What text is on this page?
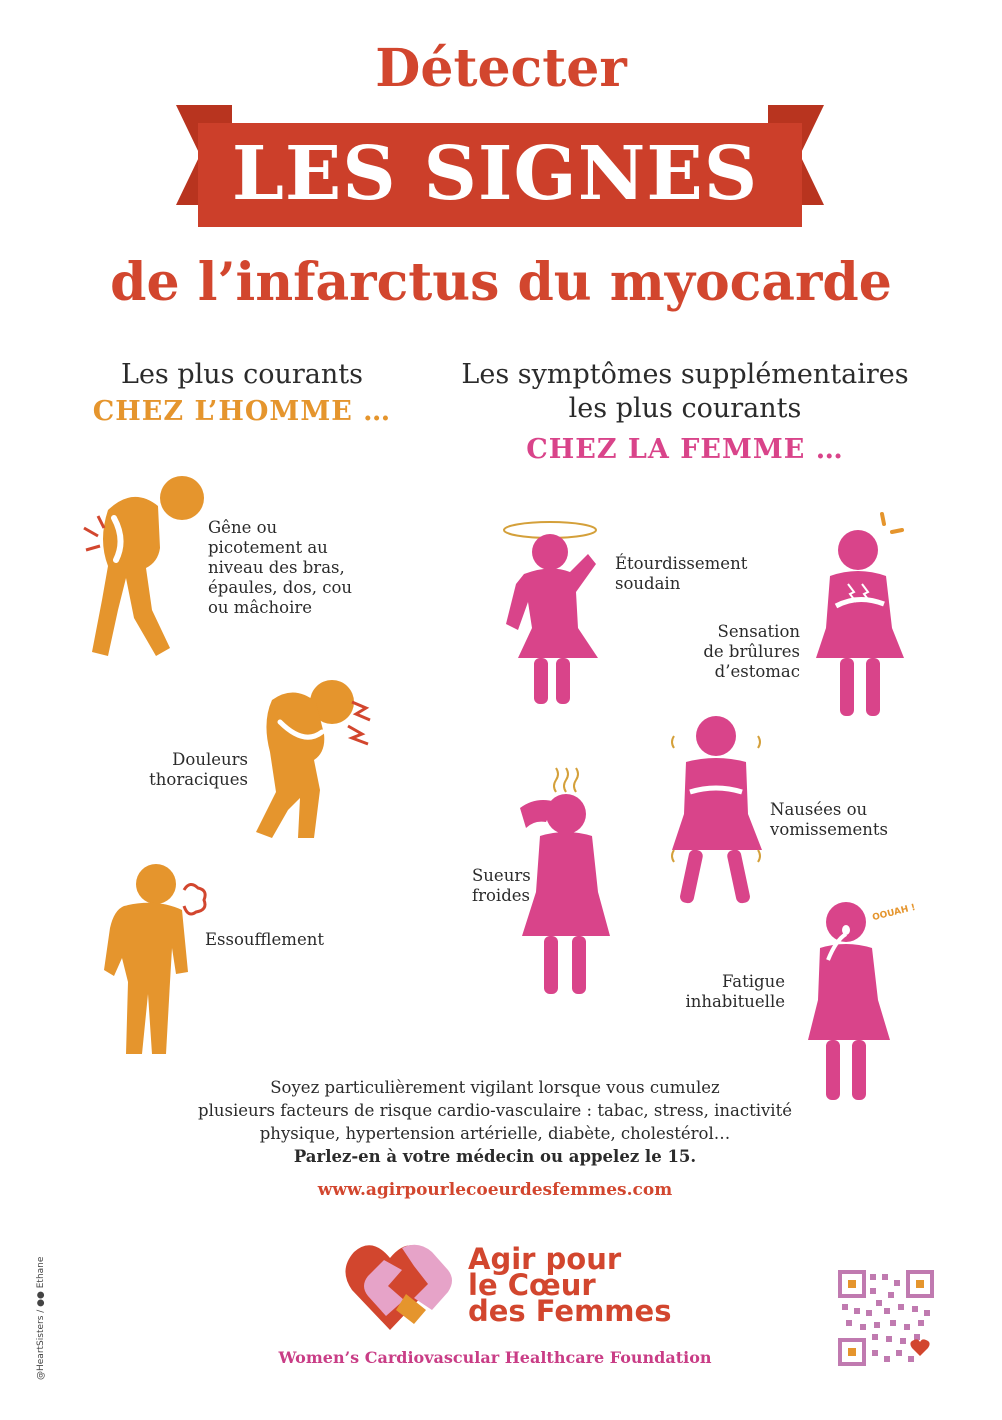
Détecter
LES SIGNES
de l’infarctus du myocarde
Les plus courants
CHEZ L’HOMME …
Les symptômes supplémentaires
les plus courants
CHEZ LA FEMME …
Gêne ou
picotement au
niveau des bras,
épaules, dos, cou
ou mâchoire
Douleurs
thoraciques
Essoufflement
Étourdissement
soudain
Sensation
de brûlures
d’estomac
Nausées ou
vomissements
Sueurs
froides
OOUAH !
Fatigue
inhabituelle
Soyez particulièrement vigilant lorsque vous cumulez
plusieurs facteurs de risque cardio-vasculaire : tabac, stress, inactivité
physique, hypertension artérielle, diabète, cholestérol…
Parlez-en à votre médecin ou appelez le 15.
www.agirpourlecoeurdesfemmes.com
Agir pour
le Cœur
des Femmes
Women’s Cardiovascular Healthcare Foundation
@HeartSisters / ●● Ethane
